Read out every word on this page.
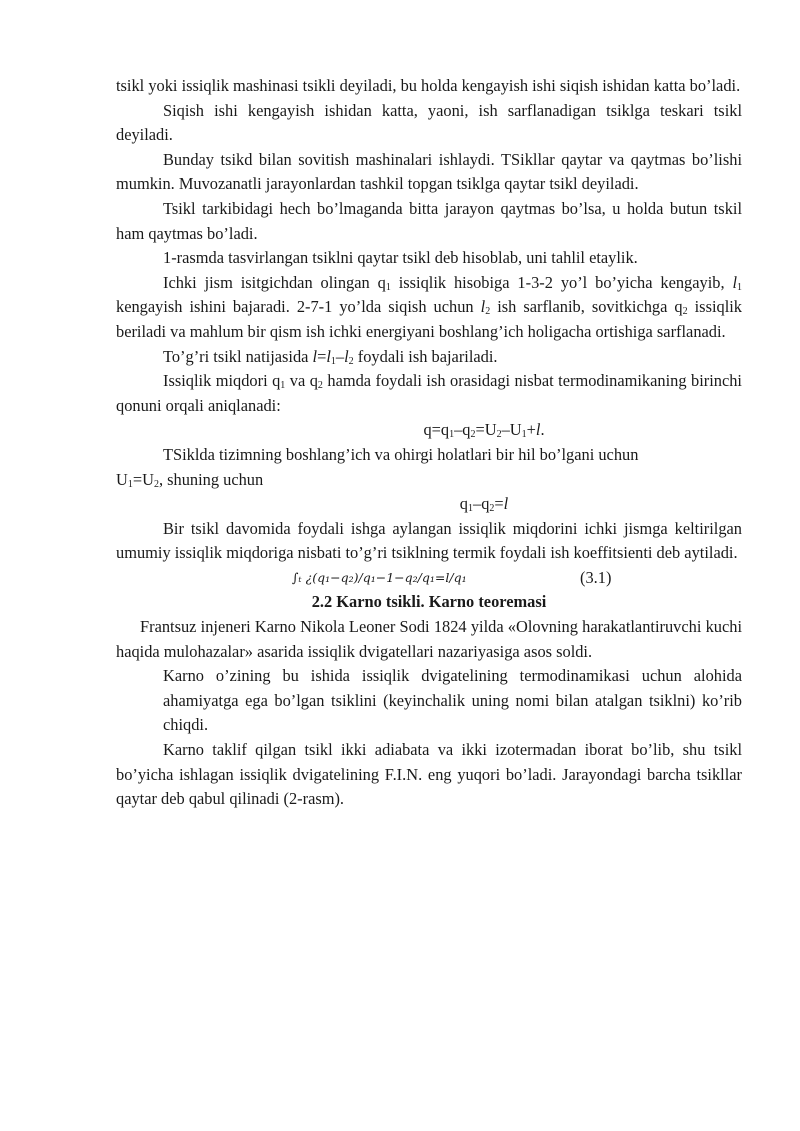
tsikl yoki issiqlik mashinasi tsikli deyiladi, bu holda kengayish ishi siqish ishidan katta bo’ladi.

Siqish ishi kengayish ishidan katta, yaoni, ish sarflanadigan tsiklga teskari tsikl deyiladi.

Bunday tsikd bilan sovitish mashinalari ishlaydi. TSikllar qaytar va qaytmas bo’lishi mumkin. Muvozanatli jarayonlardan tashkil topgan tsiklga qaytar tsikl deyiladi.

Tsikl tarkibidagi hech bo’lmaganda bitta jarayon qaytmas bo’lsa, u holda butun tskil ham qaytmas bo’ladi.

1-rasmda tasvirlangan tsiklni qaytar tsikl deb hisoblab, uni tahlil etaylik.

Ichki jism isitgichdan olingan $q_1$ issiqlik hisobiga 1-3-2 yo’l bo’yicha kengayib, $l_1$ kengayish ishini bajaradi. 2-7-1 yo’lda siqish uchun $l_2$ ish sarflanib, sovitkichga $q_2$ issiqlik beriladi va mahlum bir qism ish ichki energiyani boshlang’ich holigacha ortishiga sarflanadi.

To’g’ri tsikl natijasida $l=l_1-l_2$ foydali ish bajariladi.

Issiqlik miqdori $q_1$ va $q_2$ hamda foydali ish orasidagi nisbat termodinamikaning birinchi qonuni orqali aniqlanadi:

$q=q_1-q_2=U_2-U_1+l$.

TSiklda tizimning boshlang’ich va ohirgi holatlari bir hil bo’lgani uchun

$U_1=U_2$, shuning uchun

$q_1-q_2=l$

Bir tsikl davomida foydali ishga aylangan issiqlik miqdorini ichki jismga keltirilgan umumiy issiqlik miqdoriga nisbati to’g’ri tsiklning termik foydali ish koeffitsienti deb aytiladi.

∫ₜ ¿(q₁−q₂)/q₁−1−q₂/q₁=l/q₁	(3.1)

2.2 Karno tsikli. Karno teoremasi

Frantsuz injeneri Karno Nikola Leoner Sodi 1824 yilda «Olovning harakatlantiruvchi kuchi haqida mulohazalar» asarida issiqlik dvigatellari nazariyasiga asos soldi.

Karno o’zining bu ishida issiqlik dvigatelining termodinamikasi uchun alohida ahamiyatga ega bo’lgan tsiklini (keyinchalik uning nomi bilan atalgan tsiklni) ko’rib chiqdi.

Karno taklif qilgan tsikl ikki adiabata va ikki izotermadan iborat bo’lib, shu tsikl bo’yicha ishlagan issiqlik dvigatelining F.I.N. eng yuqori bo’ladi. Jarayondagi barcha tsikllar qaytar deb qabul qilinadi (2-rasm).
